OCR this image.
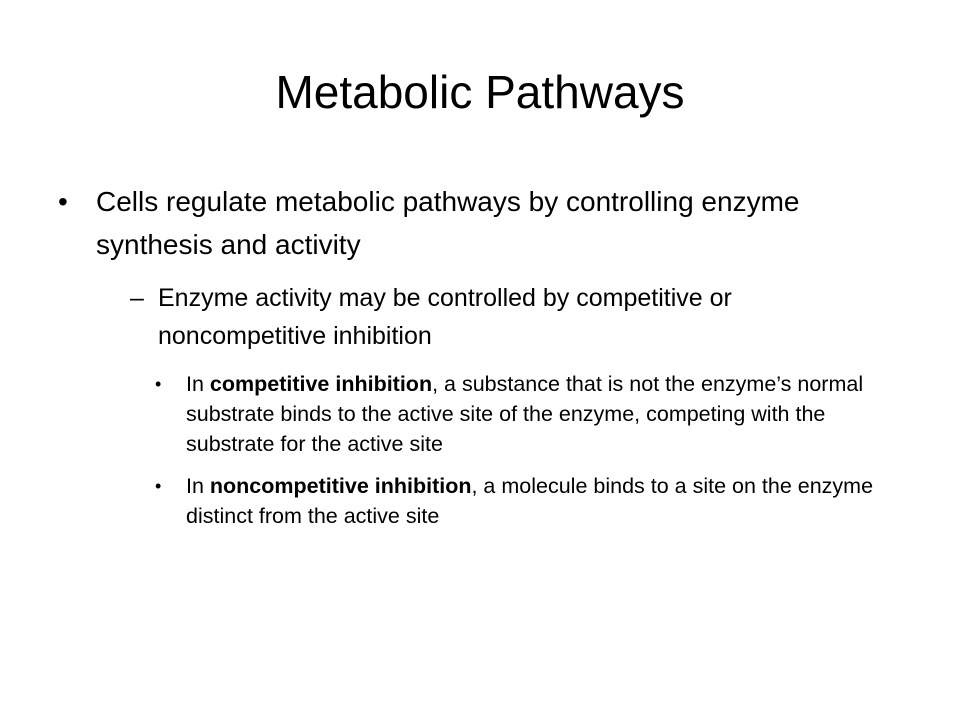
Metabolic Pathways
• Cells regulate metabolic pathways by controlling enzyme synthesis and activity
– Enzyme activity may be controlled by competitive or noncompetitive inhibition
• In competitive inhibition, a substance that is not the enzyme’s normal substrate binds to the active site of the enzyme, competing with the substrate for the active site
• In noncompetitive inhibition, a molecule binds to a site on the enzyme distinct from the active site
